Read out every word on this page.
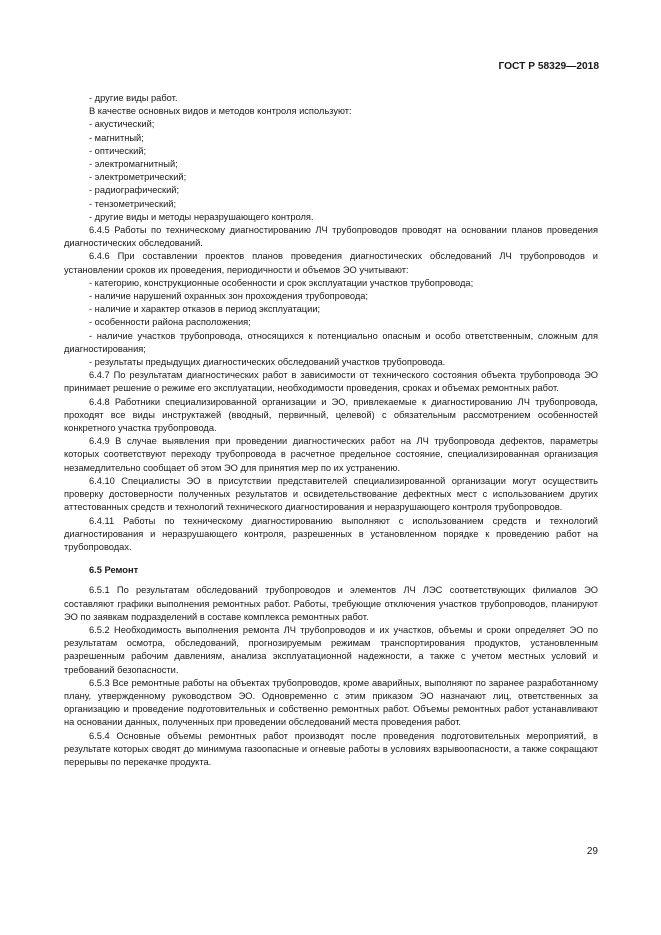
ГОСТ Р 58329—2018

- другие виды работ.

В качестве основных видов и методов контроля используют:

- акустический;

- магнитный;

- оптический;

- электромагнитный;

- электрометрический;

- радиографический;

- тензометрический;

- другие виды и методы неразрушающего контроля.

6.4.5 Работы по техническому диагностированию ЛЧ трубопроводов проводят на основании планов проведения диагностических обследований.

6.4.6 При составлении проектов планов проведения диагностических обследований ЛЧ трубопроводов и установлении сроков их проведения, периодичности и объемов ЭО учитывают:

- категорию, конструкционные особенности и срок эксплуатации участков трубопровода;

- наличие нарушений охранных зон прохождения трубопровода;

- наличие и характер отказов в период эксплуатации;

- особенности района расположения;

- наличие участков трубопровода, относящихся к потенциально опасным и особо ответственным, сложным для диагностирования;

- результаты предыдущих диагностических обследований участков трубопровода.

6.4.7 По результатам диагностических работ в зависимости от технического состояния объекта трубопровода ЭО принимает решение о режиме его эксплуатации, необходимости проведения, сроках и объемах ремонтных работ.

6.4.8 Работники специализированной организации и ЭО, привлекаемые к диагностированию ЛЧ трубопровода, проходят все виды инструктажей (вводный, первичный, целевой) с обязательным рассмотрением особенностей конкретного участка трубопровода.

6.4.9 В случае выявления при проведении диагностических работ на ЛЧ трубопровода дефектов, параметры которых соответствуют переходу трубопровода в расчетное предельное состояние, специализированная организация незамедлительно сообщает об этом ЭО для принятия мер по их устранению.

6.4.10 Специалисты ЭО в присутствии представителей специализированной организации могут осуществить проверку достоверности полученных результатов и освидетельствование дефектных мест с использованием других аттестованных средств и технологий технического диагностирования и неразрушающего контроля трубопроводов.

6.4.11 Работы по техническому диагностированию выполняют с использованием средств и технологий диагностирования и неразрушающего контроля, разрешенных в установленном порядке к проведению работ на трубопроводах.

6.5 Ремонт

6.5.1 По результатам обследований трубопроводов и элементов ЛЧ ЛЭС соответствующих филиалов ЭО составляют графики выполнения ремонтных работ. Работы, требующие отключения участков трубопроводов, планируют ЭО по заявкам подразделений в составе комплекса ремонтных работ.

6.5.2 Необходимость выполнения ремонта ЛЧ трубопроводов и их участков, объемы и сроки определяет ЭО по результатам осмотра, обследований, прогнозируемым режимам транспортирования продуктов, установленным разрешенным рабочим давлениям, анализа эксплуатационной надежности, а также с учетом местных условий и требований безопасности.

6.5.3 Все ремонтные работы на объектах трубопроводов, кроме аварийных, выполняют по заранее разработанному плану, утвержденному руководством ЭО. Одновременно с этим приказом ЭО назначают лиц, ответственных за организацию и проведение подготовительных и собственно ремонтных работ. Объемы ремонтных работ устанавливают на основании данных, полученных при проведении обследований места проведения работ.

6.5.4 Основные объемы ремонтных работ производят после проведения подготовительных мероприятий, в результате которых сводят до минимума газоопасные и огневые работы в условиях взрывоопасности, а также сокращают перерывы по перекачке продукта.

29
